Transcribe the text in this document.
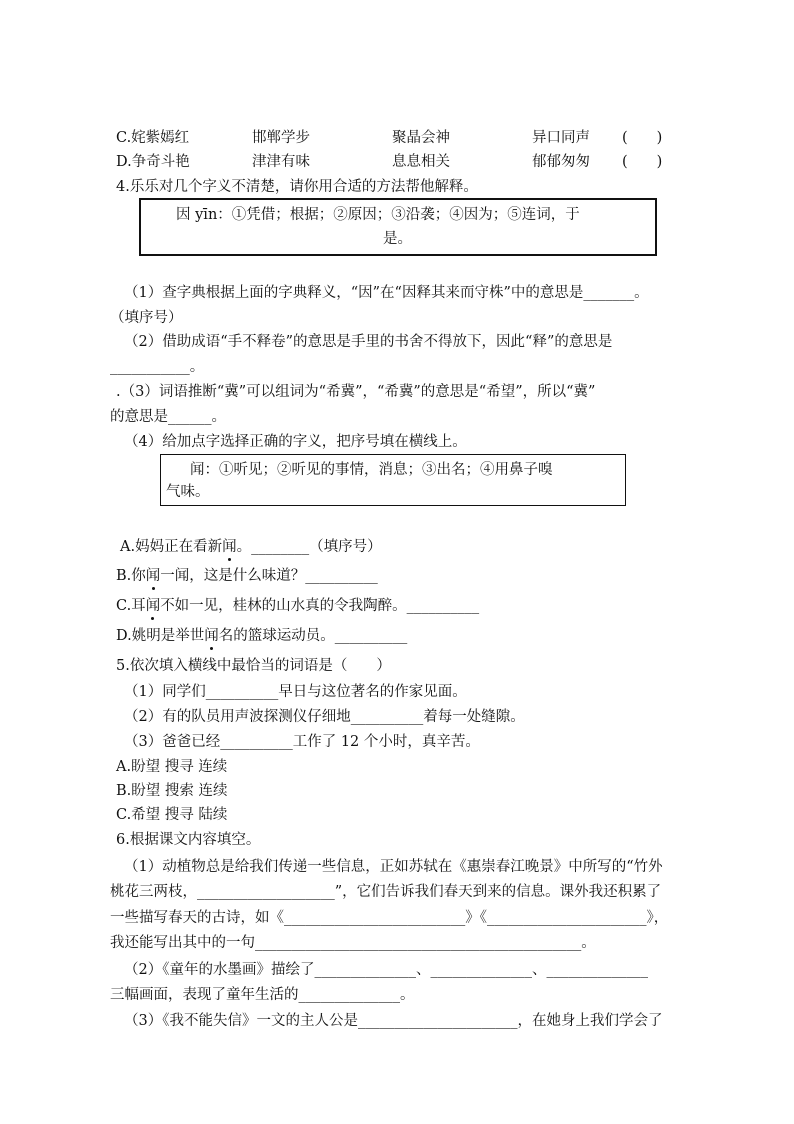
C.姹紫嫣红	邯郸学步	聚晶会神	异口同声 (　　)
D.争奇斗艳	津津有味	息息相关	郁郁匆匆 (　　)
4.乐乐对几个字义不清楚，请你用合适的方法帮他解释。
因 yīn：①凭借；根据；②原因；③沿袭；④因为；⑤连词，于
是。
（1）查字典根据上面的字典释义，“因”在“因释其来而守株”中的意思是_______。
（填序号）
（2）借助成语“手不释卷”的意思是手里的书舍不得放下，因此“释”的意思是
___________。
.（3）词语推断“冀”可以组词为“希冀”，“希冀”的意思是“希望”，所以“冀”
的意思是______。
（4）给加点字选择正确的字义，把序号填在横线上。
闻：①听见；②听见的事情，消息；③出名；④用鼻子嗅
气味。
A.妈妈正在看新闻。________（填序号）
B.你闻一闻，这是什么味道？__________
C.耳闻不如一见，桂林的山水真的令我陶醉。__________
D.姚明是举世闻名的篮球运动员。__________
5.依次填入横线中最恰当的词语是（　　）
（1）同学们__________早日与这位著名的作家见面。
（2）有的队员用声波探测仪仔细地__________着每一处缝隙。
（3）爸爸已经__________工作了 12 个小时，真辛苦。
A.盼望 搜寻 连续
B.盼望 搜索 连续
C.希望 搜寻 陆续
6.根据课文内容填空。
（1）动植物总是给我们传递一些信息，正如苏轼在《惠崇春江晚景》中所写的“竹外
桃花三两枝，___________________”，它们告诉我们春天到来的信息。课外我还积累了
一些描写春天的古诗，如《_________________________》《______________________》，
我还能写出其中的一句_____________________________________________。
（2）《童年的水墨画》描绘了______________、______________、______________
三幅画面，表现了童年生活的______________。
（3）《我不能失信》一文的主人公是______________________，在她身上我们学会了
